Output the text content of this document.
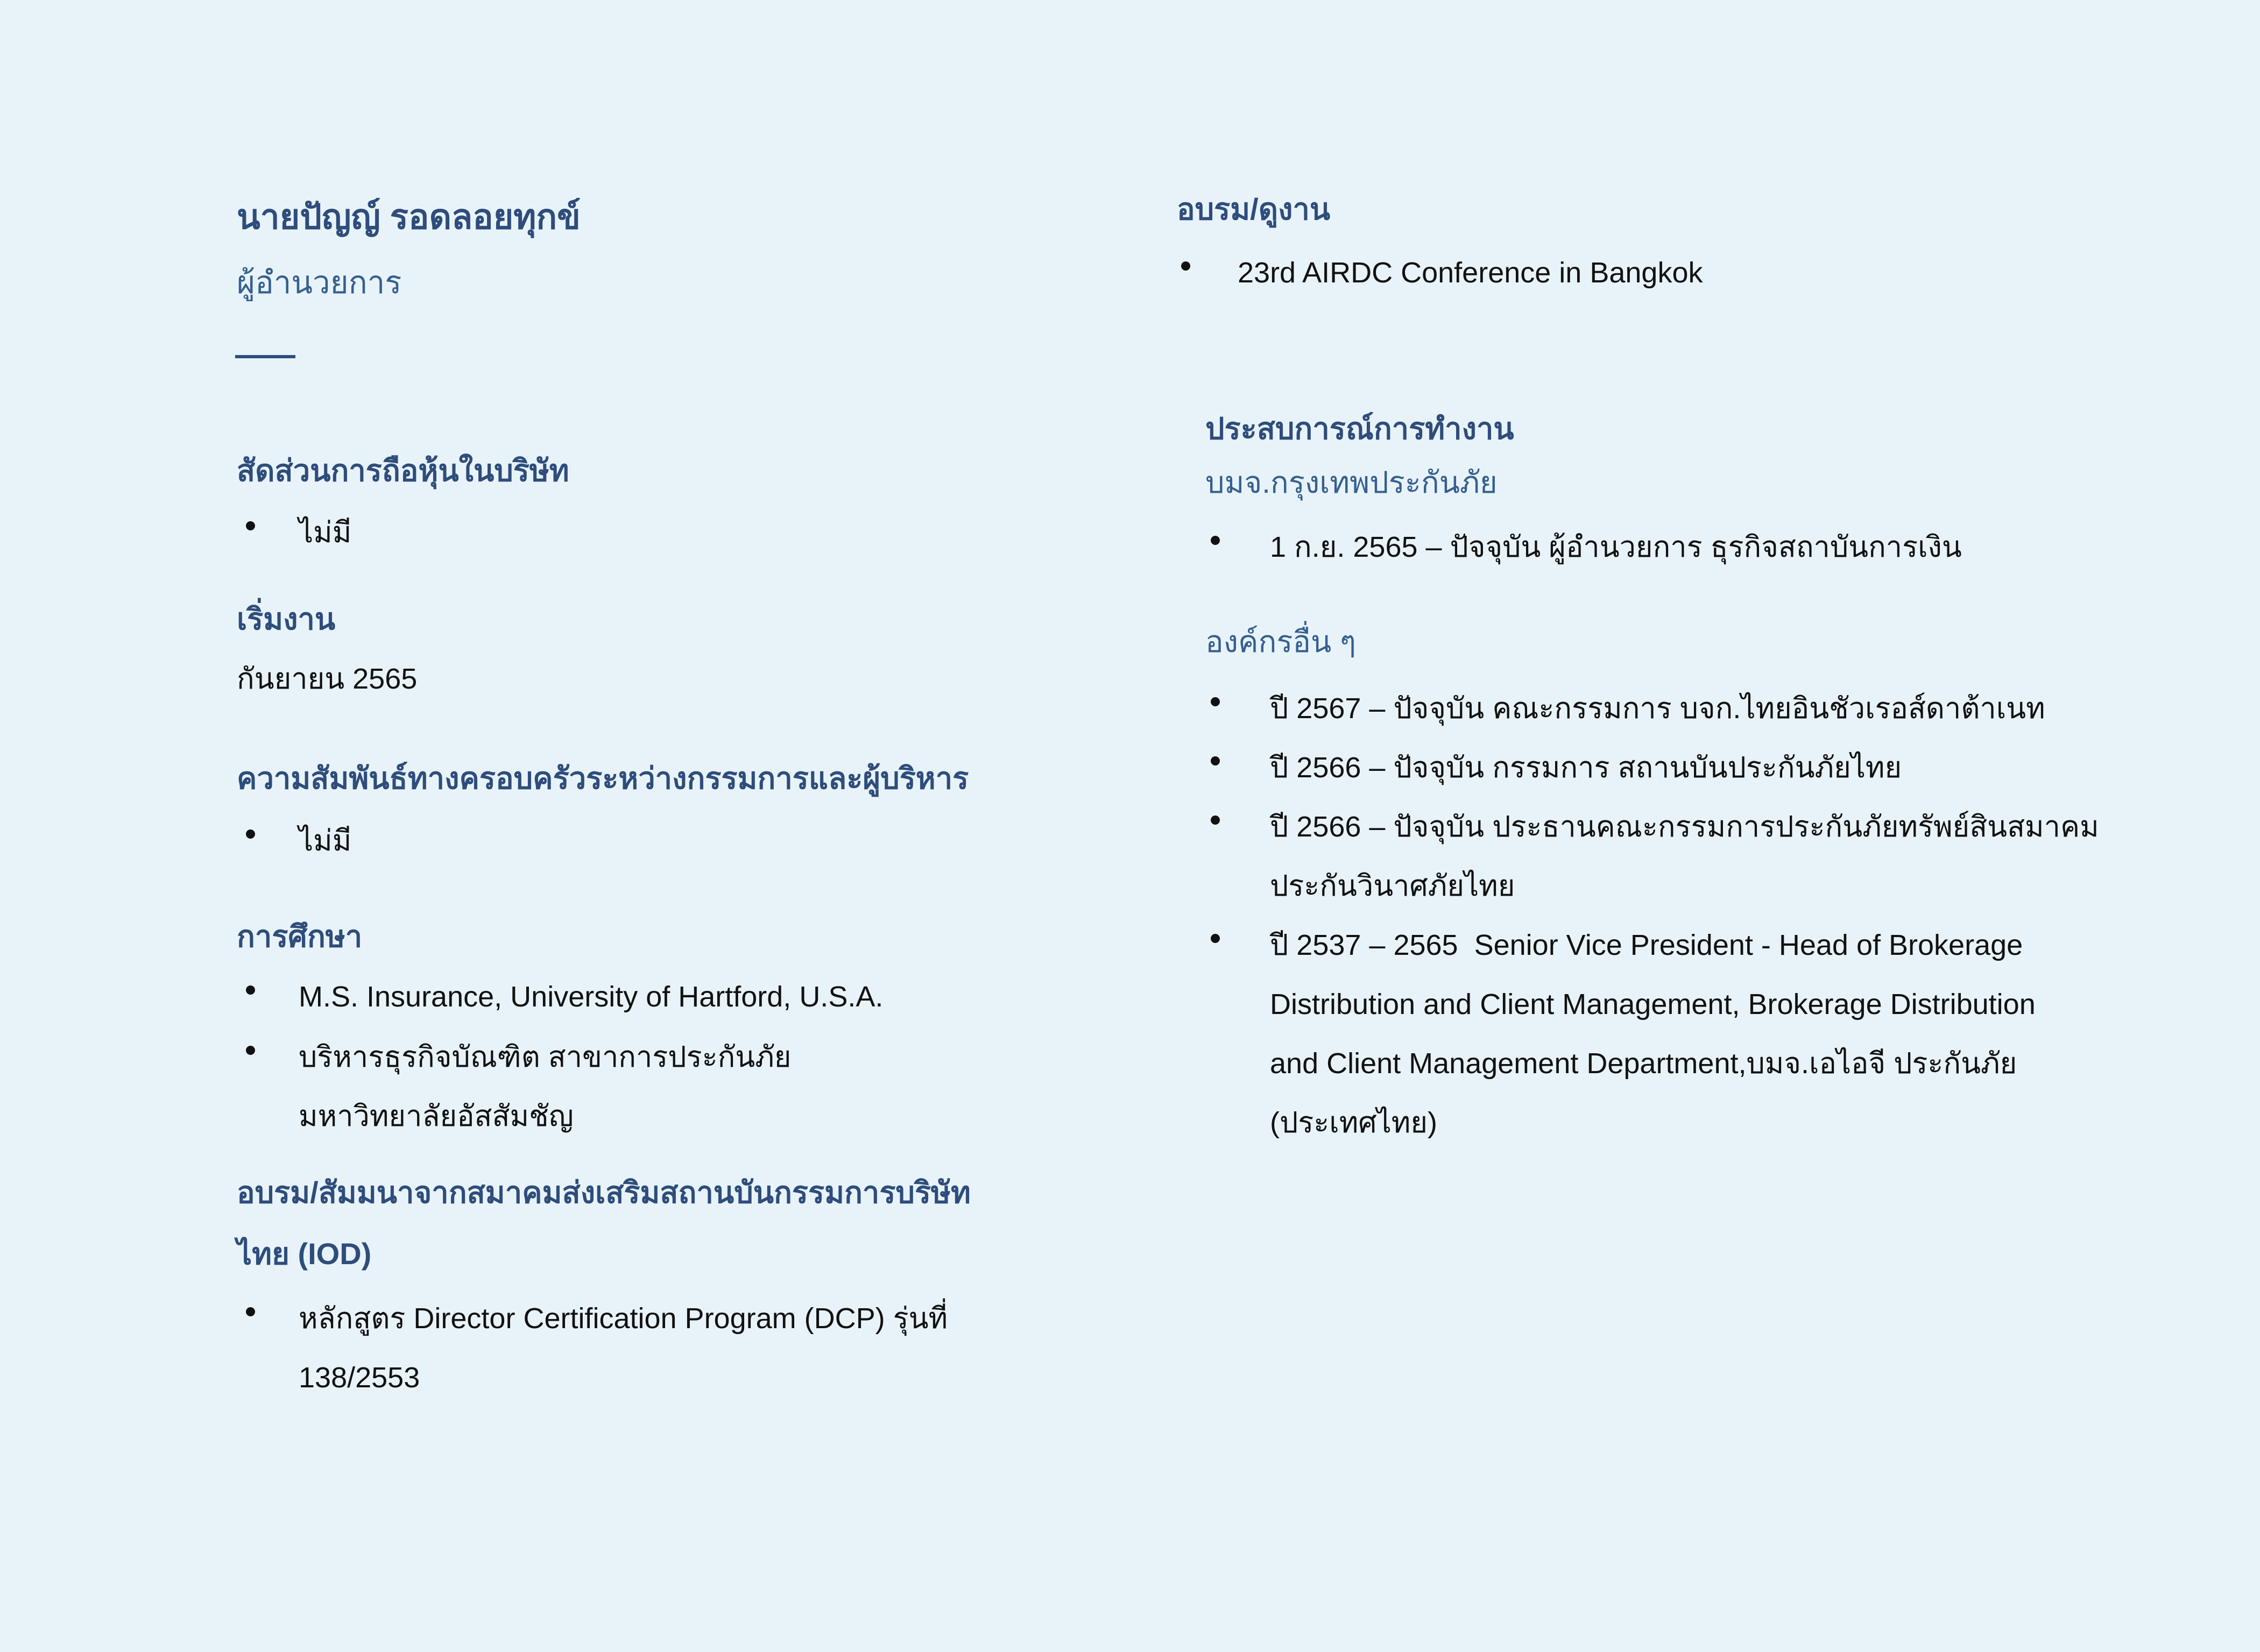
นายปัญญ์ รอดลอยทุกข์
ผู้อำนวยการ
สัดส่วนการถือหุ้นในบริษัท
ไม่มี
เริ่มงาน
กันยายน 2565
ความสัมพันธ์ทางครอบครัวระหว่างกรรมการและผู้บริหาร
ไม่มี
การศึกษา
M.S. Insurance, University of Hartford, U.S.A.
บริหารธุรกิจบัณฑิต สาขาการประกันภัย
มหาวิทยาลัยอัสสัมชัญ
อบรม/สัมมนาจากสมาคมส่งเสริมสถานบันกรรมการบริษัท
ไทย (IOD)
หลักสูตร Director Certification Program (DCP) รุ่นที่
138/2553
อบรม/ดูงาน
23rd AIRDC Conference in Bangkok
ประสบการณ์การทำงาน
บมจ.กรุงเทพประกันภัย
1 ก.ย. 2565 – ปัจจุบัน ผู้อำนวยการ ธุรกิจสถาบันการเงิน
องค์กรอื่น ๆ
ปี 2567 – ปัจจุบัน คณะกรรมการ บจก.ไทยอินชัวเรอส์ดาต้าเนท
ปี 2566 – ปัจจุบัน กรรมการ สถานบันประกันภัยไทย
ปี 2566 – ปัจจุบัน ประธานคณะกรรมการประกันภัยทรัพย์สินสมาคม
ประกันวินาศภัยไทย
ปี 2537 – 2565  Senior Vice President - Head of Brokerage
Distribution and Client Management, Brokerage Distribution
and Client Management Department,บมจ.เอไอจี ประกันภัย
(ประเทศไทย)
